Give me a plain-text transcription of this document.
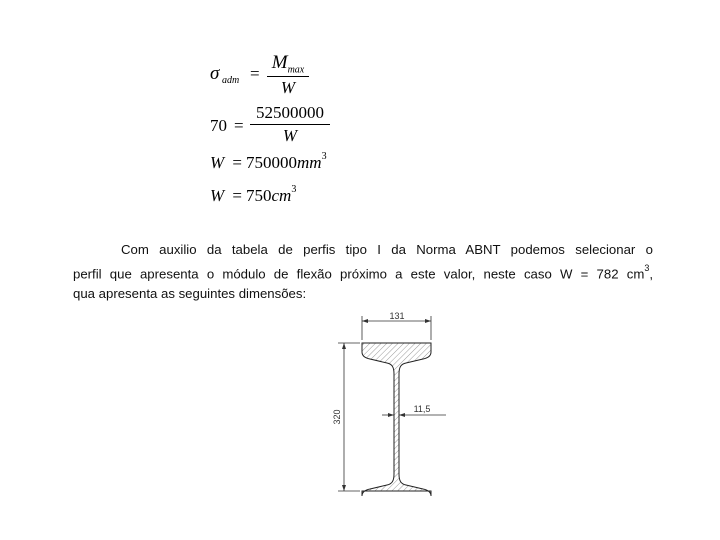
σ adm =
$M_{max}$
W
70 =
52500000
W
$W = 750000mm^3$
$W = 750cm^3$
Com auxilio da tabela de perfis tipo I da Norma ABNT podemos selecionar o
perfil que apresenta o módulo de flexão próximo a este valor, neste caso W = 782 $cm^3$,
qua apresenta as seguintes dimensões:
131
320
11,5
